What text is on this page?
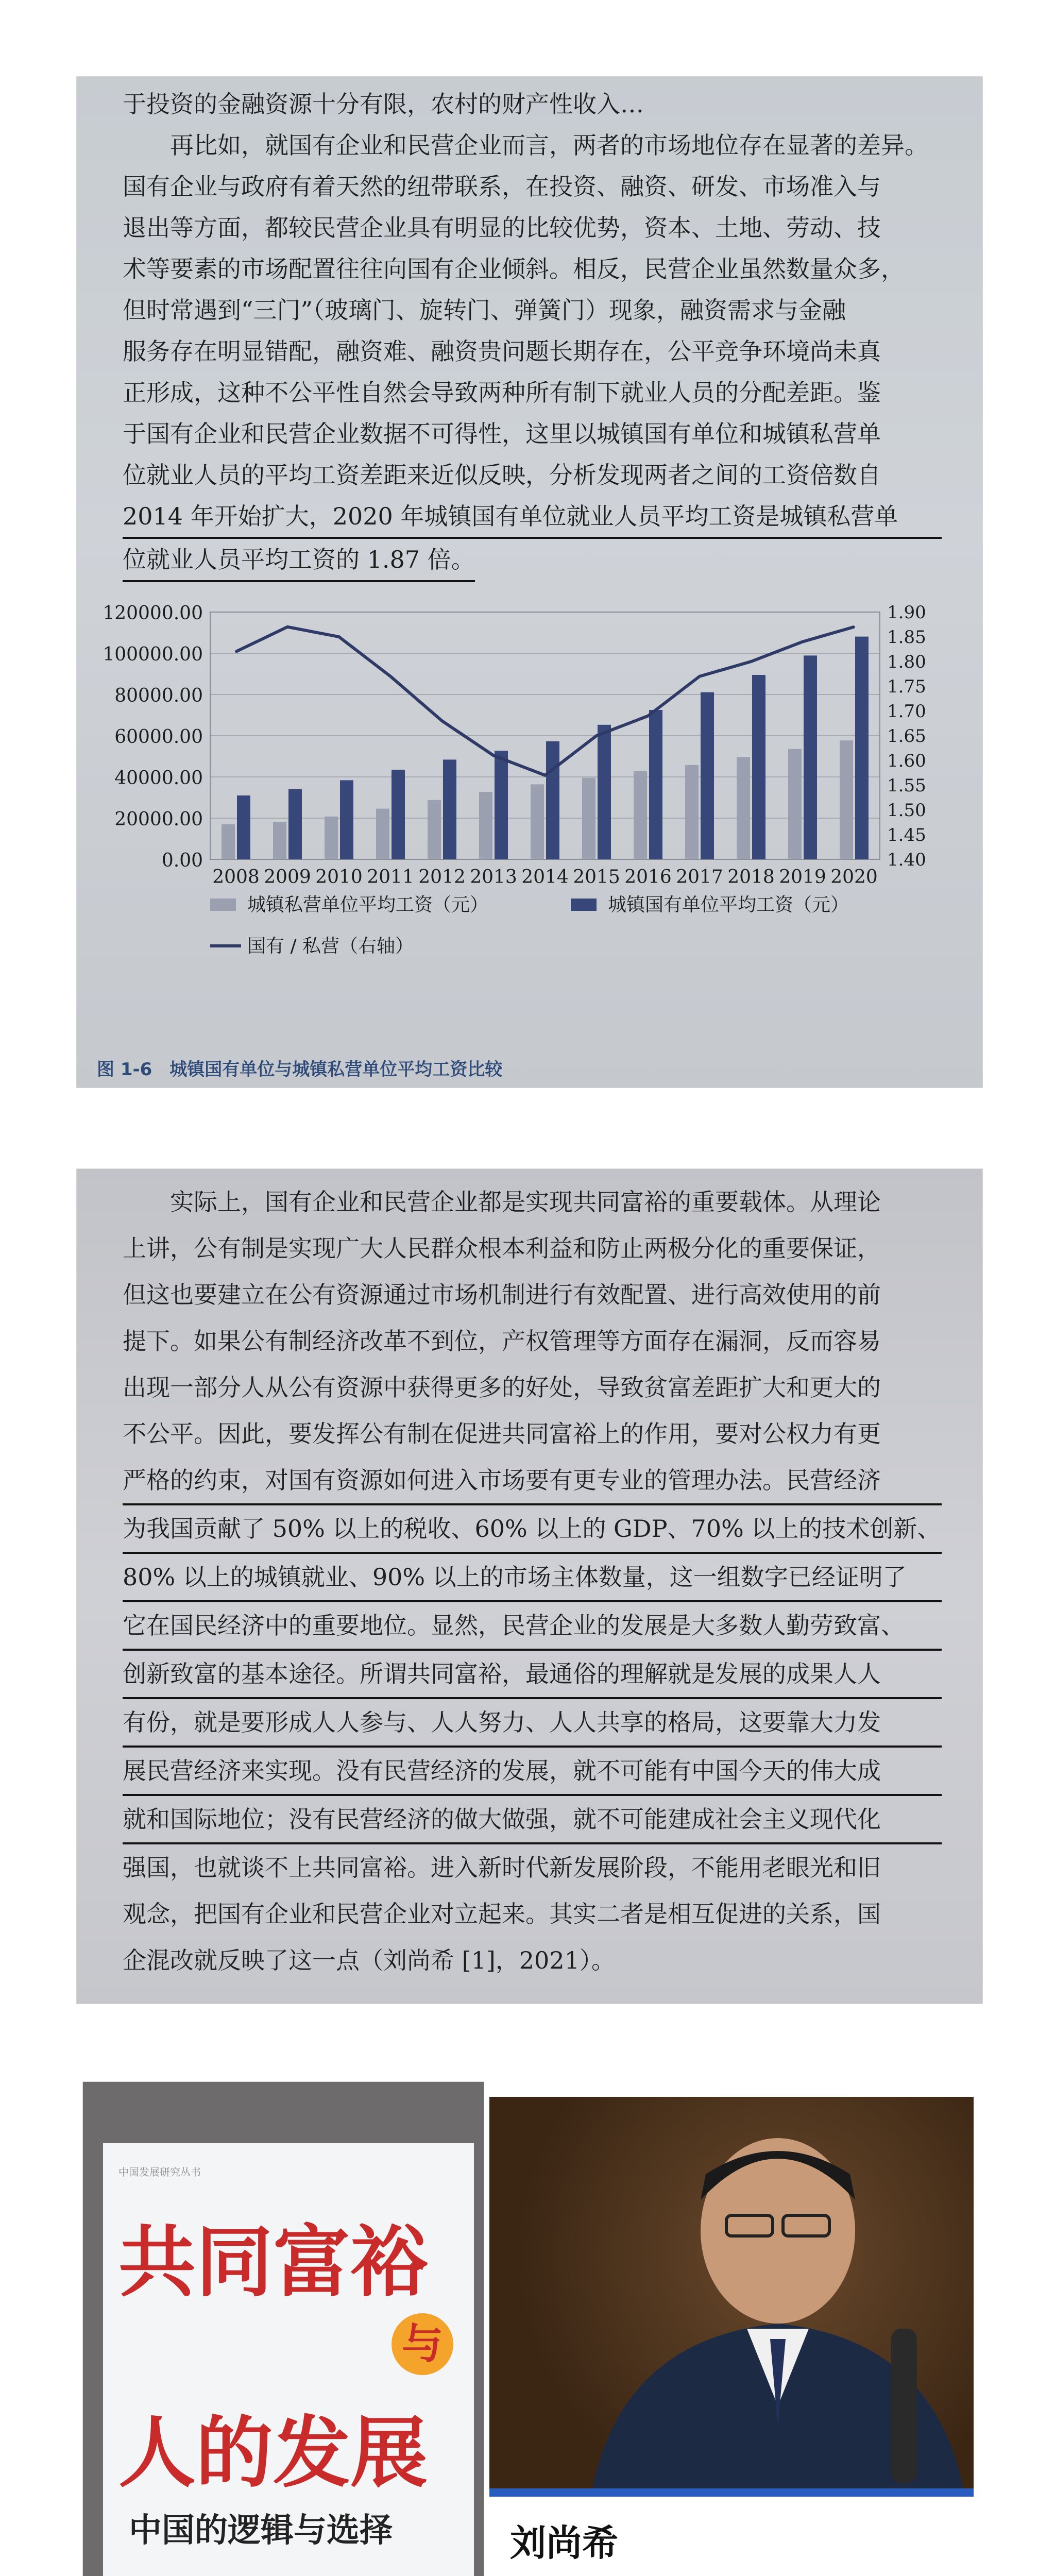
于投资的金融资源十分有限，农村的财产性收入…
再比如，就国有企业和民营企业而言，两者的市场地位存在显著的差异。
国有企业与政府有着天然的纽带联系，在投资、融资、研发、市场准入与
退出等方面，都较民营企业具有明显的比较优势，资本、土地、劳动、技
术等要素的市场配置往往向国有企业倾斜。相反，民营企业虽然数量众多，
但时常遇到“三门”（玻璃门、旋转门、弹簧门）现象，融资需求与金融
服务存在明显错配，融资难、融资贵问题长期存在，公平竞争环境尚未真
正形成，这种不公平性自然会导致两种所有制下就业人员的分配差距。鉴
于国有企业和民营企业数据不可得性，这里以城镇国有单位和城镇私营单
位就业人员的平均工资差距来近似反映，分析发现两者之间的工资倍数自
2014 年开始扩大，2020 年城镇国有单位就业人员平均工资是城镇私营单
位就业人员平均工资的 1.87 倍。
0.00
20000.00
40000.00
60000.00
80000.00
100000.00
120000.00
1.40
1.45
1.50
1.55
1.60
1.65
1.70
1.75
1.80
1.85
1.90
2008 2009 2010 2011 2012 2013 2014 2015 2016 2017 2018 2019 2020
城镇私营单位平均工资（元）	城镇国有单位平均工资（元）
国有 / 私营（右轴）
图 1-6　城镇国有单位与城镇私营单位平均工资比较
实际上，国有企业和民营企业都是实现共同富裕的重要载体。从理论
上讲，公有制是实现广大人民群众根本利益和防止两极分化的重要保证，
但这也要建立在公有资源通过市场机制进行有效配置、进行高效使用的前
提下。如果公有制经济改革不到位，产权管理等方面存在漏洞，反而容易
出现一部分人从公有资源中获得更多的好处，导致贫富差距扩大和更大的
不公平。因此，要发挥公有制在促进共同富裕上的作用，要对公权力有更
严格的约束，对国有资源如何进入市场要有更专业的管理办法。民营经济
为我国贡献了 50% 以上的税收、60% 以上的 GDP、70% 以上的技术创新、
80% 以上的城镇就业、90% 以上的市场主体数量，这一组数字已经证明了
它在国民经济中的重要地位。显然，民营企业的发展是大多数人勤劳致富、
创新致富的基本途径。所谓共同富裕，最通俗的理解就是发展的成果人人
有份，就是要形成人人参与、人人努力、人人共享的格局，这要靠大力发
展民营经济来实现。没有民营经济的发展，就不可能有中国今天的伟大成
就和国际地位；没有民营经济的做大做强，就不可能建成社会主义现代化
强国，也就谈不上共同富裕。进入新时代新发展阶段，不能用老眼光和旧
观念，把国有企业和民营企业对立起来。其实二者是相互促进的关系，国
企混改就反映了这一点（刘尚希 [1]，2021）。
中国发展研究丛书
共同富裕
与
人的发展
中国的逻辑与选择	刘尚希
